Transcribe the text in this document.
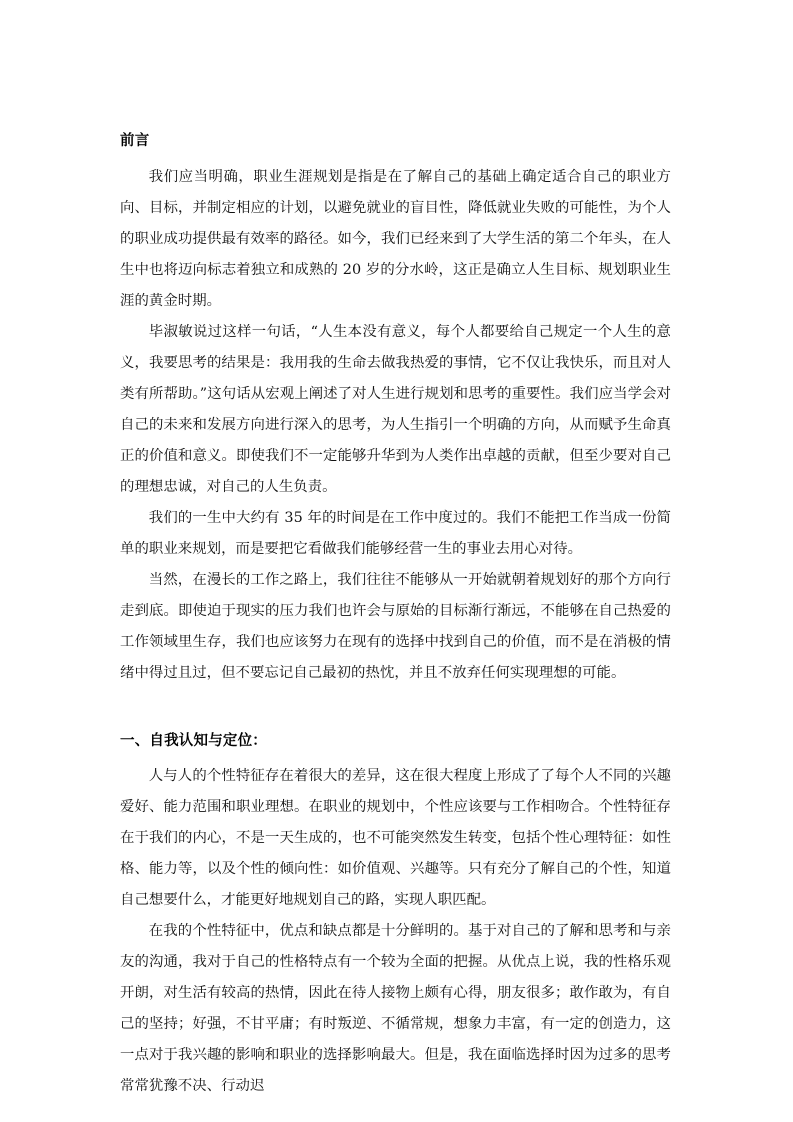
前言

我们应当明确，职业生涯规划是指是在了解自己的基础上确定适合自己的职业方向、目标，并制定相应的计划，以避免就业的盲目性，降低就业失败的可能性，为个人的职业成功提供最有效率的路径。如今，我们已经来到了大学生活的第二个年头，在人生中也将迈向标志着独立和成熟的 20 岁的分水岭，这正是确立人生目标、规划职业生涯的黄金时期。

毕淑敏说过这样一句话，“人生本没有意义，每个人都要给自己规定一个人生的意义，我要思考的结果是：我用我的生命去做我热爱的事情，它不仅让我快乐，而且对人类有所帮助。”这句话从宏观上阐述了对人生进行规划和思考的重要性。我们应当学会对自己的未来和发展方向进行深入的思考，为人生指引一个明确的方向，从而赋予生命真正的价值和意义。即使我们不一定能够升华到为人类作出卓越的贡献，但至少要对自己的理想忠诚，对自己的人生负责。

我们的一生中大约有 35 年的时间是在工作中度过的。我们不能把工作当成一份简单的职业来规划，而是要把它看做我们能够经营一生的事业去用心对待。

当然，在漫长的工作之路上，我们往往不能够从一开始就朝着规划好的那个方向行走到底。即使迫于现实的压力我们也许会与原始的目标渐行渐远，不能够在自己热爱的工作领域里生存，我们也应该努力在现有的选择中找到自己的价值，而不是在消极的情绪中得过且过，但不要忘记自己最初的热忱，并且不放弃任何实现理想的可能。

一、自我认知与定位：

人与人的个性特征存在着很大的差异，这在很大程度上形成了了每个人不同的兴趣爱好、能力范围和职业理想。在职业的规划中，个性应该要与工作相吻合。个性特征存在于我们的内心，不是一天生成的，也不可能突然发生转变，包括个性心理特征：如性格、能力等，以及个性的倾向性：如价值观、兴趣等。只有充分了解自己的个性，知道自己想要什么，才能更好地规划自己的路，实现人职匹配。

在我的个性特征中，优点和缺点都是十分鲜明的。基于对自己的了解和思考和与亲友的沟通，我对于自己的性格特点有一个较为全面的把握。从优点上说，我的性格乐观开朗，对生活有较高的热情，因此在待人接物上颇有心得，朋友很多；敢作敢为，有自己的坚持；好强，不甘平庸；有时叛逆、不循常规，想象力丰富，有一定的创造力，这一点对于我兴趣的影响和职业的选择影响最大。但是，我在面临选择时因为过多的思考常常犹豫不决、行动迟
